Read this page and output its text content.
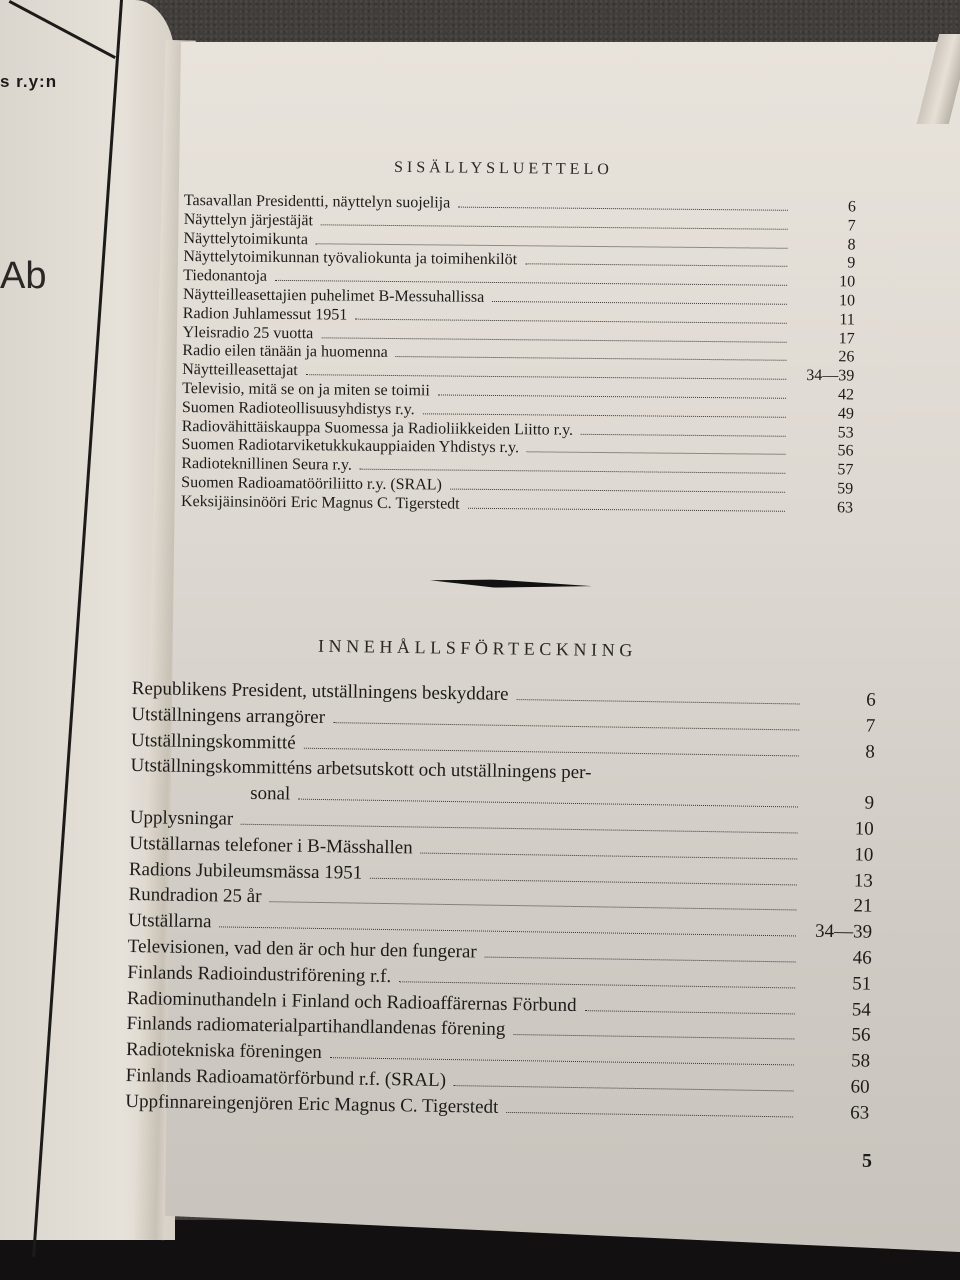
s r.y:n
Ab
SISÄLLYSLUETTELO
Tasavallan Presidentti, näyttelyn suojelija	6
Näyttelyn järjestäjät	7
Näyttelytoimikunta	8
Näyttelytoimikunnan työvaliokunta ja toimihenkilöt	9
Tiedonantoja	10
Näytteilleasettajien puhelimet B-Messuhallissa	10
Radion Juhlamessut 1951	11
Yleisradio 25 vuotta	17
Radio eilen tänään ja huomenna	26
Näytteilleasettajat	34—39
Televisio, mitä se on ja miten se toimii	42
Suomen Radioteollisuusyhdistys r.y.	49
Radiovähittäiskauppa Suomessa ja Radioliikkeiden Liitto r.y.	53
Suomen Radiotarviketukkukauppiaiden Yhdistys r.y.	56
Radioteknillinen Seura r.y.	57
Suomen Radioamatööriliitto r.y. (SRAL)	59
Keksijäinsinööri Eric Magnus C. Tigerstedt	63
INNEHÅLLSFÖRTECKNING
Republikens President, utställningens beskyddare	6
Utställningens arrangörer	7
Utställningskommitté	8
Utställningskommitténs arbetsutskott och utställningens per-
sonal	9
Upplysningar	10
Utställarnas telefoner i B-Mässhallen	10
Radions Jubileumsmässa 1951	13
Rundradion 25 år	21
Utställarna	34—39
Televisionen, vad den är och hur den fungerar	46
Finlands Radioindustriförening r.f.	51
Radiominuthandeln i Finland och Radioaffärernas Förbund	54
Finlands radiomaterialpartihandlandenas förening	56
Radiotekniska föreningen	58
Finlands Radioamatörförbund r.f. (SRAL)	60
Uppfinnareingenjören Eric Magnus C. Tigerstedt	63
5
